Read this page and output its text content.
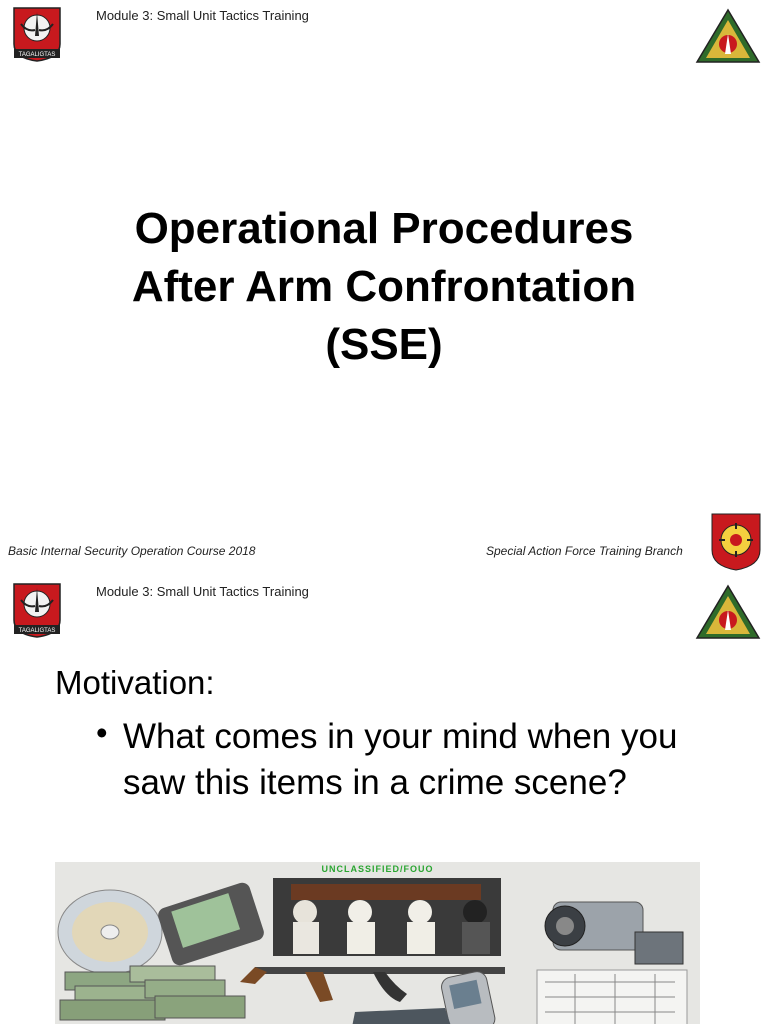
TAGALIGTAS
Module 3: Small Unit Tactics Training
Operational Procedures
After Arm Confrontation
(SSE)
Basic Internal Security Operation Course 2018	Special Action Force Training Branch
TAGALIGTAS
Module 3: Small Unit Tactics Training
Motivation:
• What comes in your mind when you saw this items in a crime scene?
UNCLASSIFIED/FOUO
